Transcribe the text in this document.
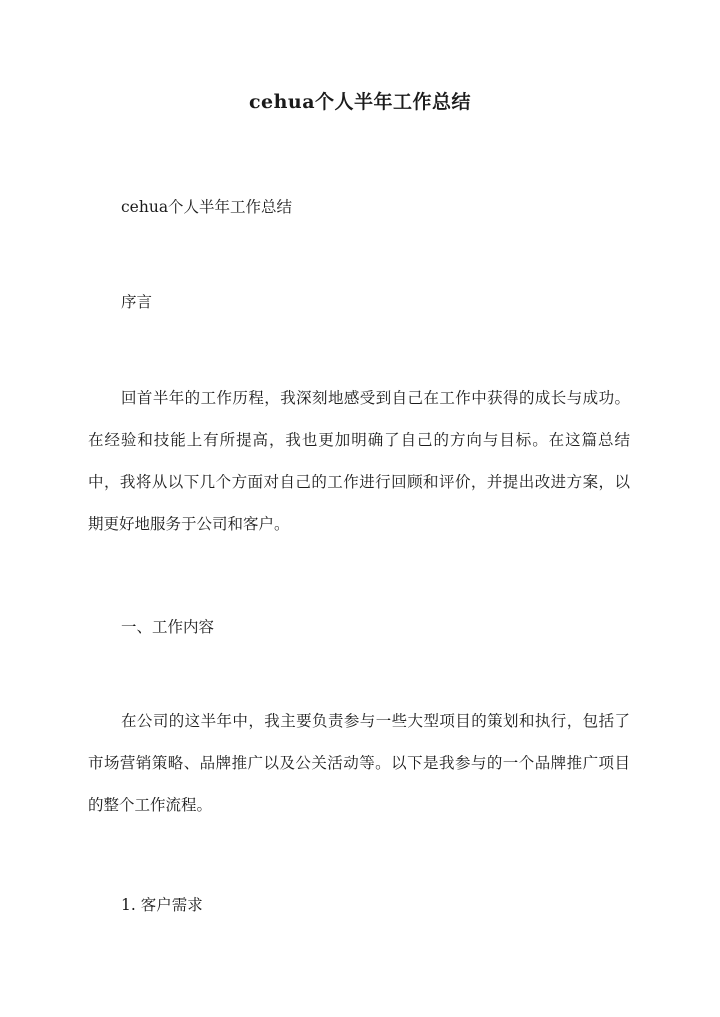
cehua个人半年工作总结

cehua个人半年工作总结

序言

回首半年的工作历程，我深刻地感受到自己在工作中获得的成长与成功。在经验和技能上有所提高，我也更加明确了自己的方向与目标。在这篇总结中，我将从以下几个方面对自己的工作进行回顾和评价，并提出改进方案，以期更好地服务于公司和客户。

一、工作内容

在公司的这半年中，我主要负责参与一些大型项目的策划和执行，包括了市场营销策略、品牌推广以及公关活动等。以下是我参与的一个品牌推广项目的整个工作流程。

1. 客户需求
